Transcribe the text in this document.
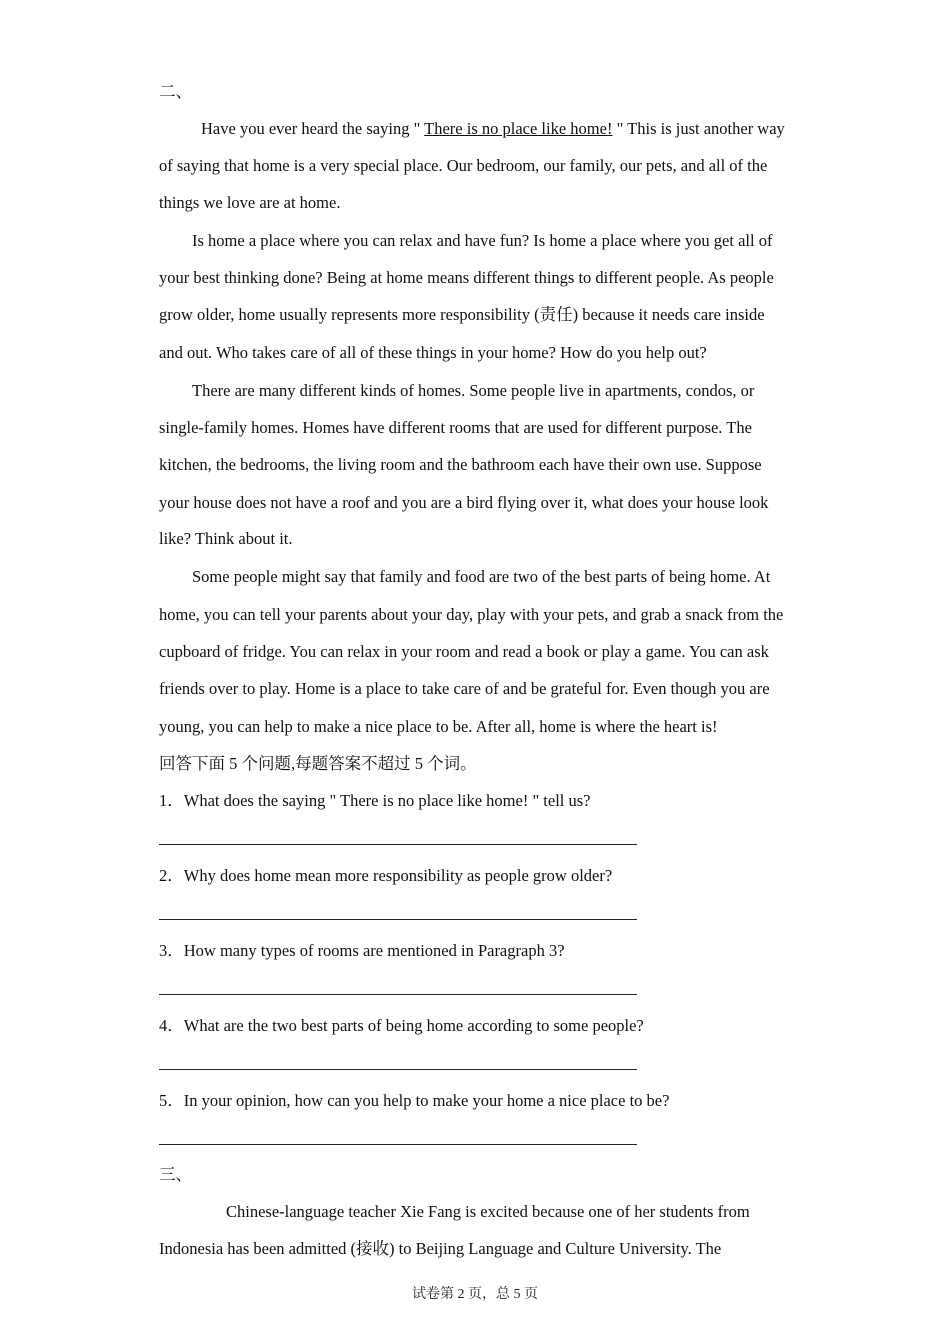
二、
Have you ever heard the saying " There is no place like home! " This is just another way
of saying that home is a very special place. Our bedroom, our family, our pets, and all of the
things we love are at home.
Is home a place where you can relax and have fun? Is home a place where you get all of
your best thinking done? Being at home means different things to different people. As people
grow older, home usually represents more responsibility (责任) because it needs care inside
and out. Who takes care of all of these things in your home? How do you help out?
There are many different kinds of homes. Some people live in apartments, condos, or
single-family homes. Homes have different rooms that are used for different purpose. The
kitchen, the bedrooms, the living room and the bathroom each have their own use. Suppose
your house does not have a roof and you are a bird flying over it, what does your house look
like? Think about it.
Some people might say that family and food are two of the best parts of being home. At
home, you can tell your parents about your day, play with your pets, and grab a snack from the
cupboard of fridge. You can relax in your room and read a book or play a game. You can ask
friends over to play. Home is a place to take care of and be grateful for. Even though you are
young, you can help to make a nice place to be. After all, home is where the heart is!
回答下面 5 个问题,每题答案不超过 5 个词。
1．What does the saying " There is no place like home! " tell us?
2．Why does home mean more responsibility as people grow older?
3．How many types of rooms are mentioned in Paragraph 3?
4．What are the two best parts of being home according to some people?
5．In your opinion, how can you help to make your home a nice place to be?
三、
Chinese-language teacher Xie Fang is excited because one of her students from
Indonesia has been admitted (接收) to Beijing Language and Culture University. The
试卷第 2 页，总 5 页
